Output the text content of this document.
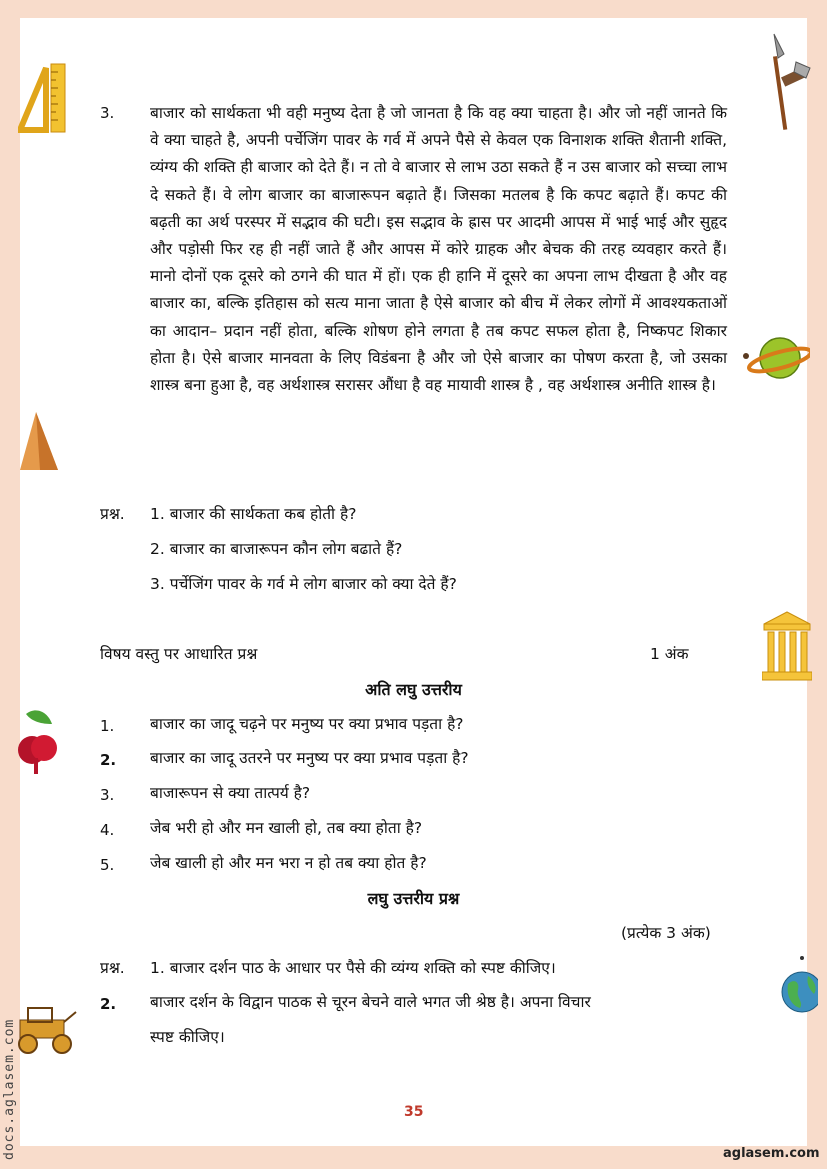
3. बाजार को सार्थकता भी वही मनुष्य देता है जो जानता है कि वह क्या चाहता है। और जो नहीं जानते कि वे क्या चाहते है, अपनी पर्चेजिंग पावर के गर्व में अपने पैसे से केवल एक विनाशक शक्ति शैतानी शक्ति, व्यंग्य की शक्ति ही बाजार को देते हैं। न तो वे बाजार से लाभ उठा सकते हैं न उस बाजार को सच्चा लाभ दे सकते हैं। वे लोग बाजार का बाजारूपन बढ़ाते हैं। जिसका मतलब है कि कपट बढ़ाते हैं। कपट की बढ़ती का अर्थ परस्पर में सद्भाव की घटी। इस सद्भाव के ह्रास पर आदमी आपस में भाई भाई और सुहृद और पड़ोसी फिर रह ही नहीं जाते हैं और आपस में कोरे ग्राहक और बेचक की तरह व्यवहार करते हैं। मानो दोनों एक दूसरे को ठगने की घात में हों। एक ही हानि में दूसरे का अपना लाभ दीखता है और वह बाजार का, बल्कि इतिहास को सत्य माना जाता है ऐसे बाजार को बीच में लेकर लोगों में आवश्यकताओं का आदान– प्रदान नहीं होता, बल्कि शोषण होने लगता है तब कपट सफल होता है, निष्कपट शिकार होता है। ऐसे बाजार मानवता के लिए विडंबना है और जो ऐसे बाजार का पोषण करता है, जो उसका शास्त्र बना हुआ है, वह अर्थशास्त्र सरासर औंधा है वह मायावी शास्त्र है , वह अर्थशास्त्र अनीति शास्त्र है।

प्रश्न. 1. बाजार की सार्थकता कब होती है?
2. बाजार का बाजारूपन कौन लोग बढाते हैं?
3. पर्चेजिंग पावर के गर्व मे लोग बाजार को क्या देते हैं?
विषय वस्तु पर आधारित प्रश्न	1 अंक
अति लघु उत्तरीय
1. बाजार का जादू चढ़ने पर मनुष्य पर क्या प्रभाव पड़ता है?
2. बाजार का जादू उतरने पर मनुष्य पर क्या प्रभाव पड़ता है?
3. बाजारूपन से क्या तात्पर्य है?
4. जेब भरी हो और मन खाली हो, तब क्या होता है?
5. जेब खाली हो और मन भरा न हो तब क्या होत है?
लघु उत्तरीय प्रश्न
(प्रत्येक 3 अंक)
प्रश्न. 1. बाजार दर्शन पाठ के आधार पर पैसे की व्यंग्य शक्ति को स्पष्ट कीजिए।
2. बाजार दर्शन के विद्वान पाठक से चूरन बेचने वाले भगत जी श्रेष्ठ है। अपना विचार
स्पष्ट कीजिए।
35
aglasem.com
docs.aglasem.com
